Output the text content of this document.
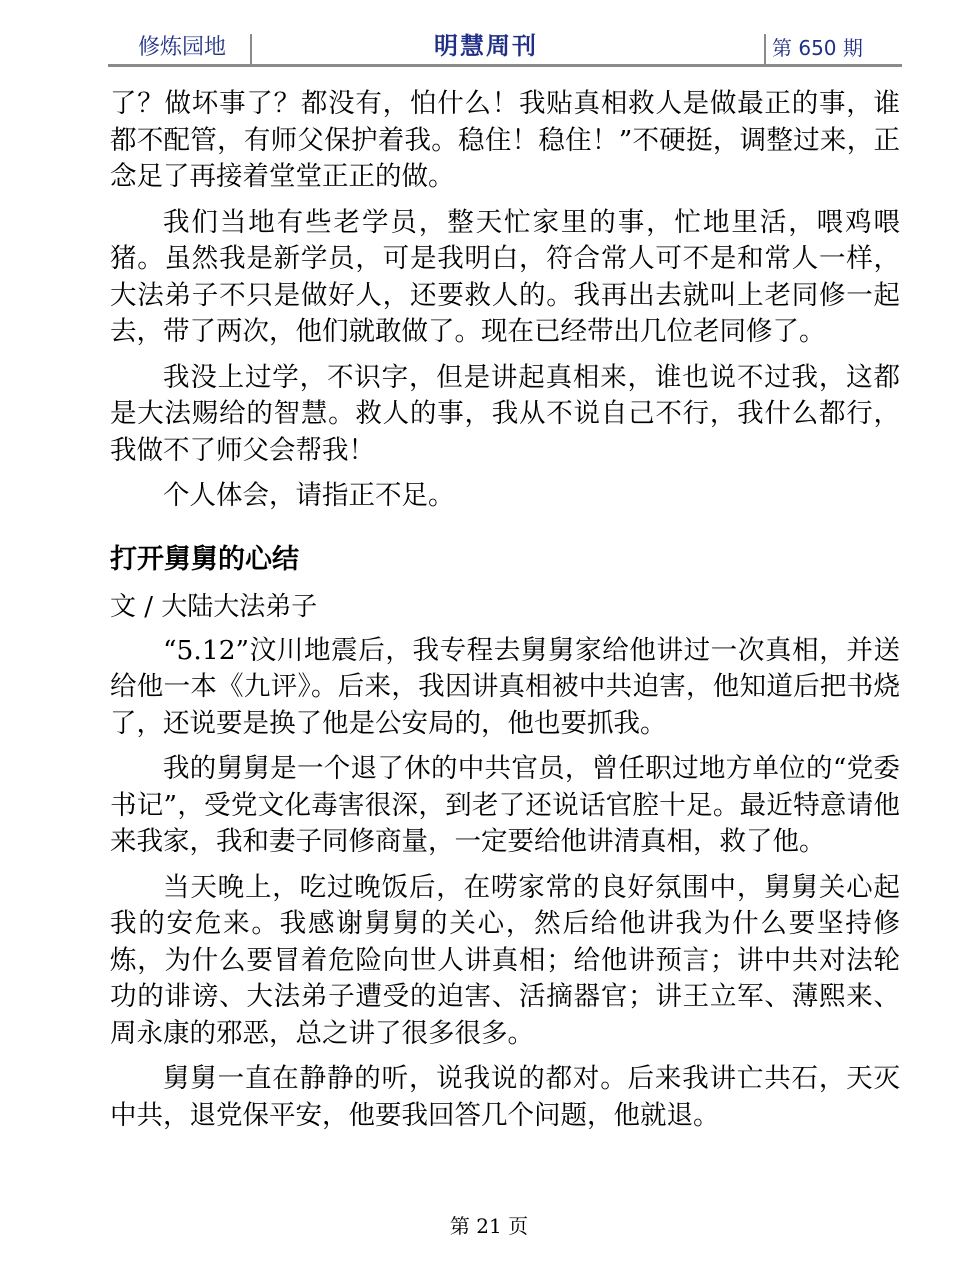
修炼园地	明慧周刊	第 650 期

了？做坏事了？都没有，怕什么！我贴真相救人是做最正的事，谁都不配管，有师父保护着我。稳住！稳住！”不硬挺，调整过来，正念足了再接着堂堂正正的做。

我们当地有些老学员，整天忙家里的事，忙地里活，喂鸡喂猪。虽然我是新学员，可是我明白，符合常人可不是和常人一样，大法弟子不只是做好人，还要救人的。我再出去就叫上老同修一起去，带了两次，他们就敢做了。现在已经带出几位老同修了。

我没上过学，不识字，但是讲起真相来，谁也说不过我，这都是大法赐给的智慧。救人的事，我从不说自己不行，我什么都行，我做不了师父会帮我！

个人体会，请指正不足。

打开舅舅的心结
文 / 大陆大法弟子

“5.12”汶川地震后，我专程去舅舅家给他讲过一次真相，并送给他一本《九评》。后来，我因讲真相被中共迫害，他知道后把书烧了，还说要是换了他是公安局的，他也要抓我。

我的舅舅是一个退了休的中共官员，曾任职过地方单位的“党委书记”，受党文化毒害很深，到老了还说话官腔十足。最近特意请他来我家，我和妻子同修商量，一定要给他讲清真相，救了他。

当天晚上，吃过晚饭后，在唠家常的良好氛围中，舅舅关心起我的安危来。我感谢舅舅的关心，然后给他讲我为什么要坚持修炼，为什么要冒着危险向世人讲真相；给他讲预言；讲中共对法轮功的诽谤、大法弟子遭受的迫害、活摘器官；讲王立军、薄熙来、周永康的邪恶，总之讲了很多很多。

舅舅一直在静静的听，说我说的都对。后来我讲亡共石，天灭中共，退党保平安，他要我回答几个问题，他就退。

第 21 页
